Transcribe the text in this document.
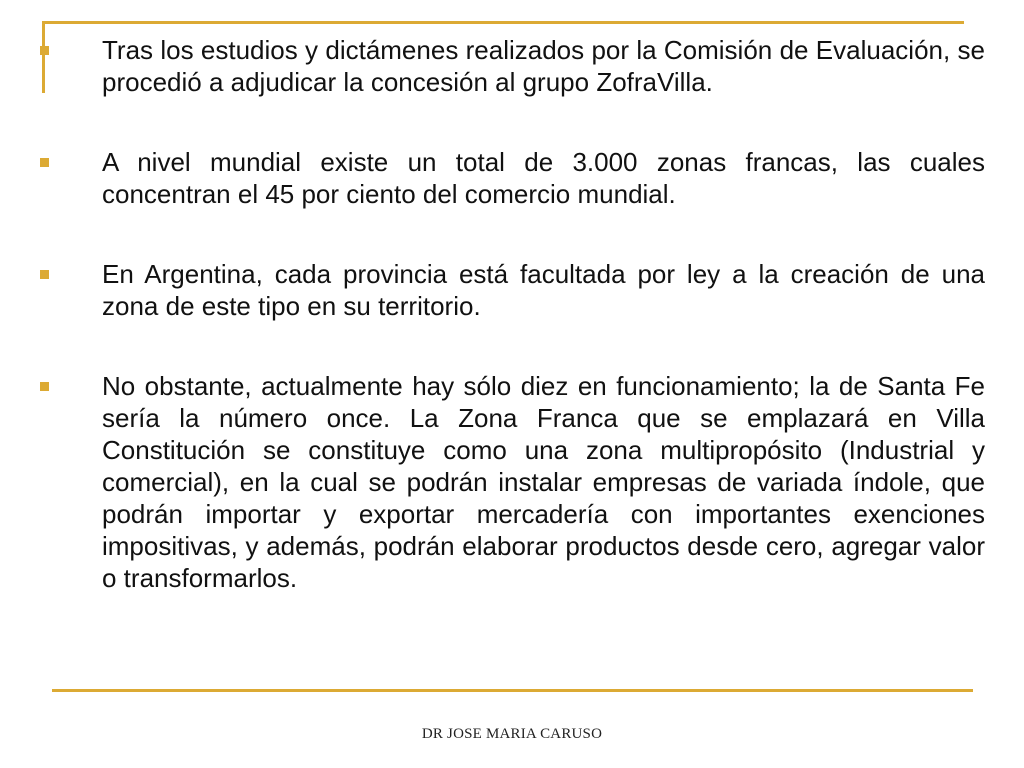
Tras los estudios y dictámenes realizados por la Comisión de Evaluación, se procedió a adjudicar la concesión al grupo ZofraVilla.

A nivel mundial existe un total de 3.000 zonas francas, las cuales concentran el 45 por ciento del comercio mundial.

En Argentina, cada provincia está facultada por ley a la creación de una zona de este tipo en su territorio.

No obstante, actualmente hay sólo diez en funcionamiento; la de Santa Fe sería la número once. La Zona Franca que se emplazará en Villa Constitución se constituye como una zona multipropósito (Industrial y comercial), en la cual se podrán instalar empresas de variada índole, que podrán importar y exportar mercadería con importantes exenciones impositivas, y además, podrán elaborar productos desde cero, agregar valor o transformarlos.

DR JOSE MARIA CARUSO
